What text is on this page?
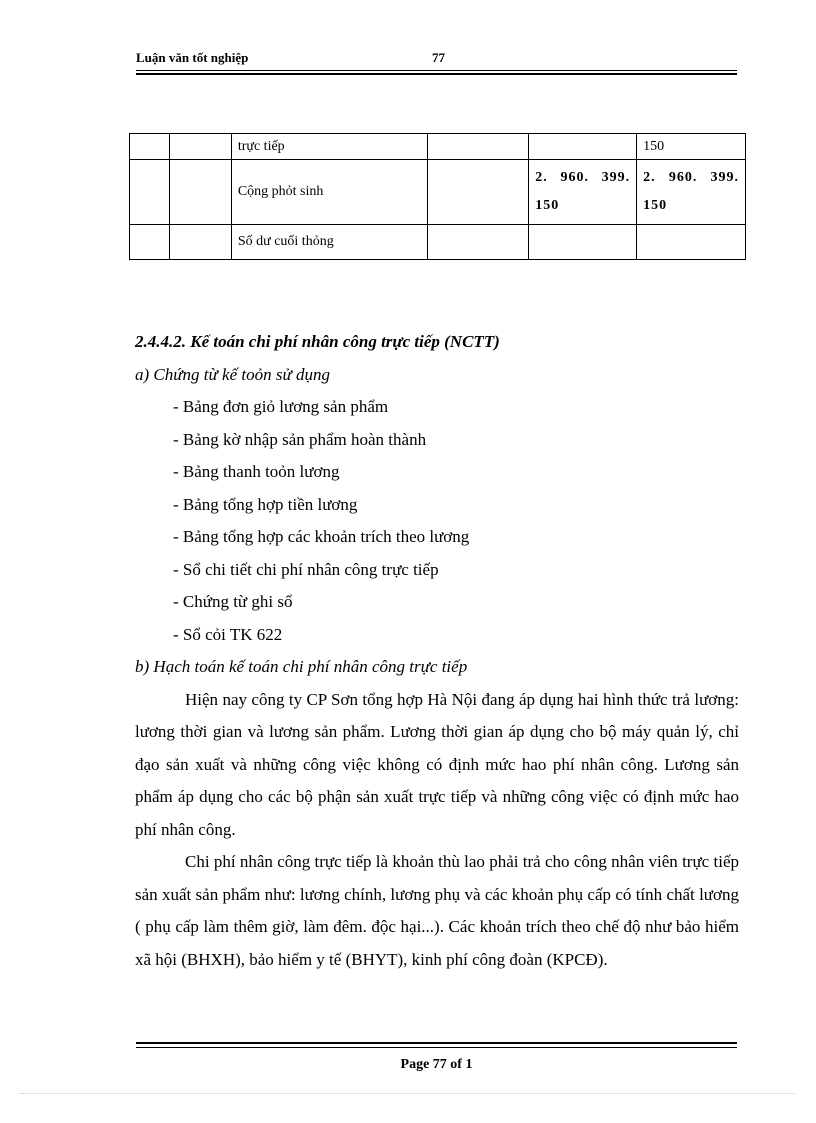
Luận văn tốt nghiệp	77
		trực tiếp			150
		Cộng phỏt sinh		2. 960. 399. 150	2. 960. 399. 150
		Số dư cuối thỏng			

2.4.4.2. Kế toán chi phí nhân công trực tiếp (NCTT)

a) Chứng từ kế toỏn sử dụng

- Bảng đơn giỏ lương sản phẩm

- Bảng kờ nhập sản phẩm hoàn thành

- Bảng thanh toỏn lương

- Bảng tổng hợp tiền lương

- Bảng tổng hợp các khoản trích theo lương

- Sổ chi tiết chi phí nhân công trực tiếp

- Chứng từ ghi sổ

- Sổ cỏi TK 622

b) Hạch toán kế toán chi phí nhân công trực tiếp

Hiện nay công ty CP Sơn tổng hợp Hà Nội đang áp dụng hai hình thức trả lương: lương thời gian và lương sản phẩm. Lương thời gian áp dụng cho bộ máy quản lý, chỉ đạo sản xuất và những công việc không có định mức hao phí nhân công. Lương sản phẩm áp dụng cho các bộ phận sản xuất trực tiếp và những công việc có định mức hao phí nhân công.

Chi phí nhân công trực tiếp là khoản thù lao phải trả cho công nhân viên trực tiếp sản xuất sản phẩm như: lương chính, lương phụ và các khoản phụ cấp có tính chất lương ( phụ cấp làm thêm giờ, làm đêm. độc hại...). Các khoản trích theo chế độ như bảo hiểm xã hội (BHXH), bảo hiểm y tế (BHYT), kinh phí công đoàn (KPCĐ).

Page 77 of 1
